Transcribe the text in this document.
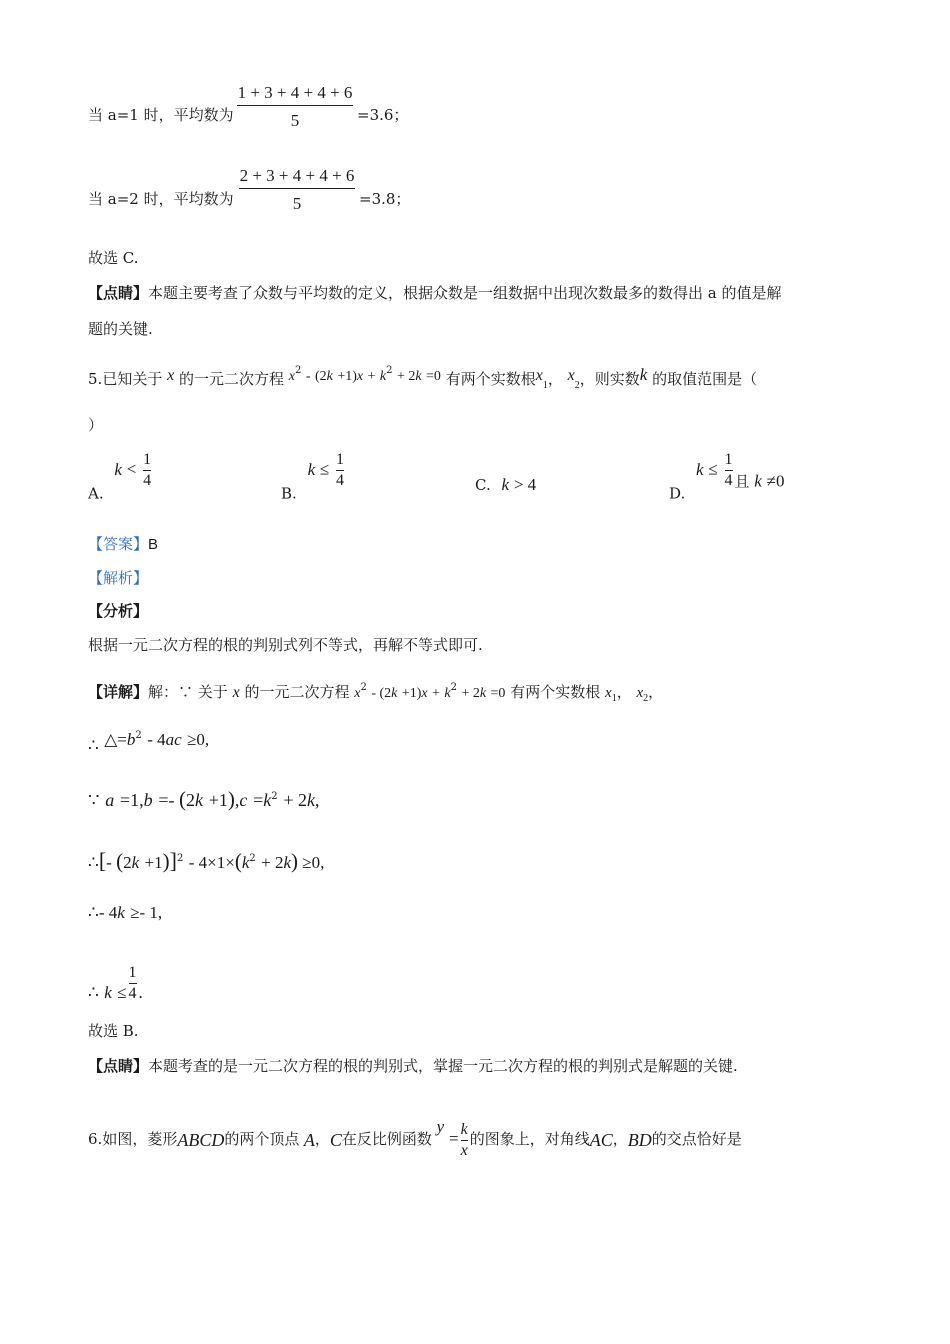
1 + 3 + 4 + 4 + 6
5
当 a=1 时，平均数为	=3.6；
2 + 3 + 4 + 4 + 6
5
当 a=2 时，平均数为	=3.8；
故选 C.
【点睛】本题主要考查了众数与平均数的定义，根据众数是一组数据中出现次数最多的数得出 a 的值是解
题的关键.
5.已知关于 x 的一元二次方程 $x^2 - (2k +1)x + k^2 + 2k =0$ 有两个实数根$x_1$， $x_2$，则实数k 的取值范围是（
）
A. $k < \frac{1}{4}$
B. $k \le \frac{1}{4}$	C. k > 4	D. $k \le \frac{1}{4}$ 且 k ≠0
【答案】B
【解析】
【分析】
根据一元二次方程的根的判别式列不等式，再解不等式即可.
【详解】解：∵ 关于 x 的一元二次方程 $x^2 - (2k +1)x + k^2 + 2k =0$ 有两个实数根 $x_1$， $x_2$，
∴ $\triangle=b^2 - 4ac \ge 0$,
∵ $a =1,b =- (2k +1),c =k^2 + 2k$,
∴[- $(2k +1)]^2 - 4\times 1\times(k^2 + 2k) \ge 0$,
∴- 4k ≥- 1,
∴ $k \le \frac{1}{4}$ .
故选 B.
【点睛】本题考查的是一元二次方程的根的判别式，掌握一元二次方程的根的判别式是解题的关键.
6.如图，菱形ABCD的两个顶点 A，C在反比例函数 $y = \frac{k}{x}$ 的图象上，对角线AC，BD的交点恰好是
